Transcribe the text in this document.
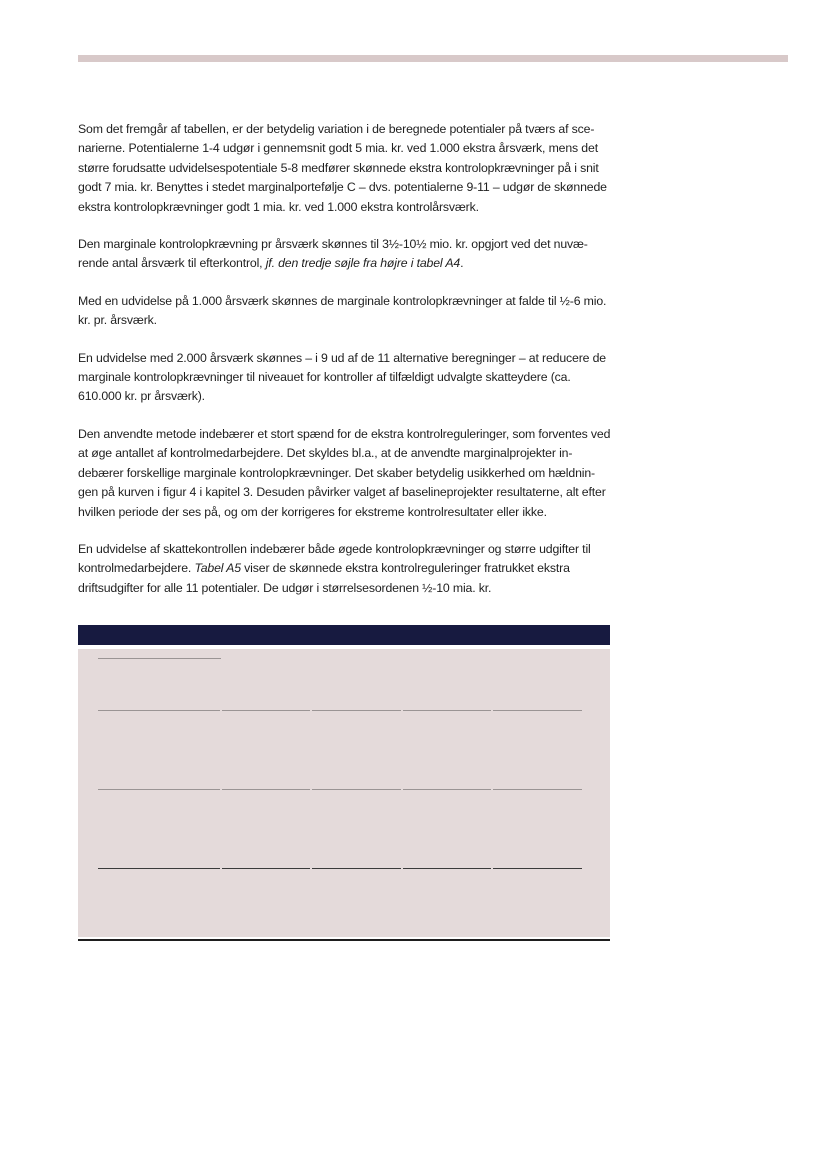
Som det fremgår af tabellen, er der betydelig variation i de beregnede potentialer på tværs af sce-narierne. Potentialerne 1-4 udgør i gennemsnit godt 5 mia. kr. ved 1.000 ekstra årsværk, mens det større forudsatte udvidelsespotentiale 5-8 medfører skønnede ekstra kontrolopkrævninger på i snit godt 7 mia. kr. Benyttes i stedet marginalportefølje C – dvs. potentialerne 9-11 – udgør de skønnede ekstra kontrolopkrævninger godt 1 mia. kr. ved 1.000 ekstra kontrolårsværk.

Den marginale kontrolopkrævning pr årsværk skønnes til 3½-10½ mio. kr. opgjort ved det nuvæ-rende antal årsværk til efterkontrol, jf. den tredje søjle fra højre i tabel A4.

Med en udvidelse på 1.000 årsværk skønnes de marginale kontrolopkrævninger at falde til ½-6 mio. kr. pr. årsværk.

En udvidelse med 2.000 årsværk skønnes – i 9 ud af de 11 alternative beregninger – at reducere de marginale kontrolopkrævninger til niveauet for kontroller af tilfældigt udvalgte skatteydere (ca. 610.000 kr. pr årsværk).

Den anvendte metode indebærer et stort spænd for de ekstra kontrolreguleringer, som forventes ved at øge antallet af kontrolmedarbejdere. Det skyldes bl.a., at de anvendte marginalprojekter in-debærer forskellige marginale kontrolopkrævninger. Det skaber betydelig usikkerhed om hældnin-gen på kurven i figur 4 i kapitel 3. Desuden påvirker valget af baselineprojekter resultaterne, alt efter hvilken periode der ses på, og om der korrigeres for ekstreme kontrolresultater eller ikke.

En udvidelse af skattekontrollen indebærer både øgede kontrolopkrævninger og større udgifter til kontrolmedarbejdere. Tabel A5 viser de skønnede ekstra kontrolreguleringer fratrukket ekstra driftsudgifter for alle 11 potentialer. De udgør i størrelsesordenen ½-10 mia. kr.
